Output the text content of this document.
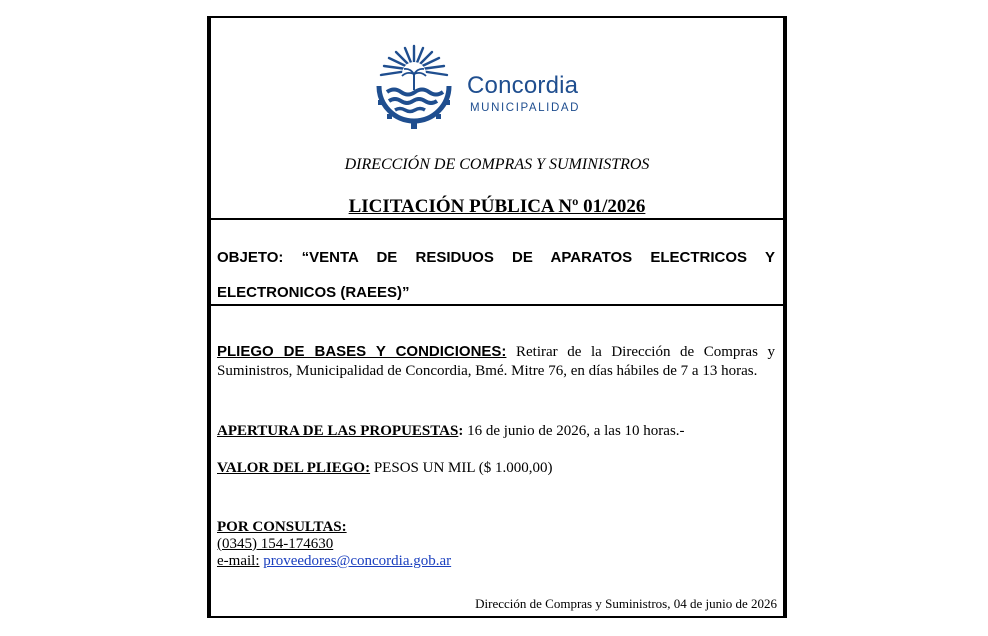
Concordia
MUNICIPALIDAD
DIRECCIÓN DE COMPRAS Y SUMINISTROS
LICITACIÓN PÚBLICA Nº 01/2026
OBJETO: “VENTA DE RESIDUOS DE APARATOS ELECTRICOS Y ELECTRONICOS (RAEES)”
PLIEGO DE BASES Y CONDICIONES: Retirar de la Dirección de Compras y Suministros, Municipalidad de Concordia, Bmé. Mitre 76, en días hábiles de 7 a 13 horas.
APERTURA DE LAS PROPUESTAS: 16 de junio de 2026, a las 10 horas.-
VALOR DEL PLIEGO: PESOS UN MIL ($ 1.000,00)
POR CONSULTAS:
(0345) 154-174630
e-mail: proveedores@concordia.gob.ar
Dirección de Compras y Suministros, 04 de junio de 2026
